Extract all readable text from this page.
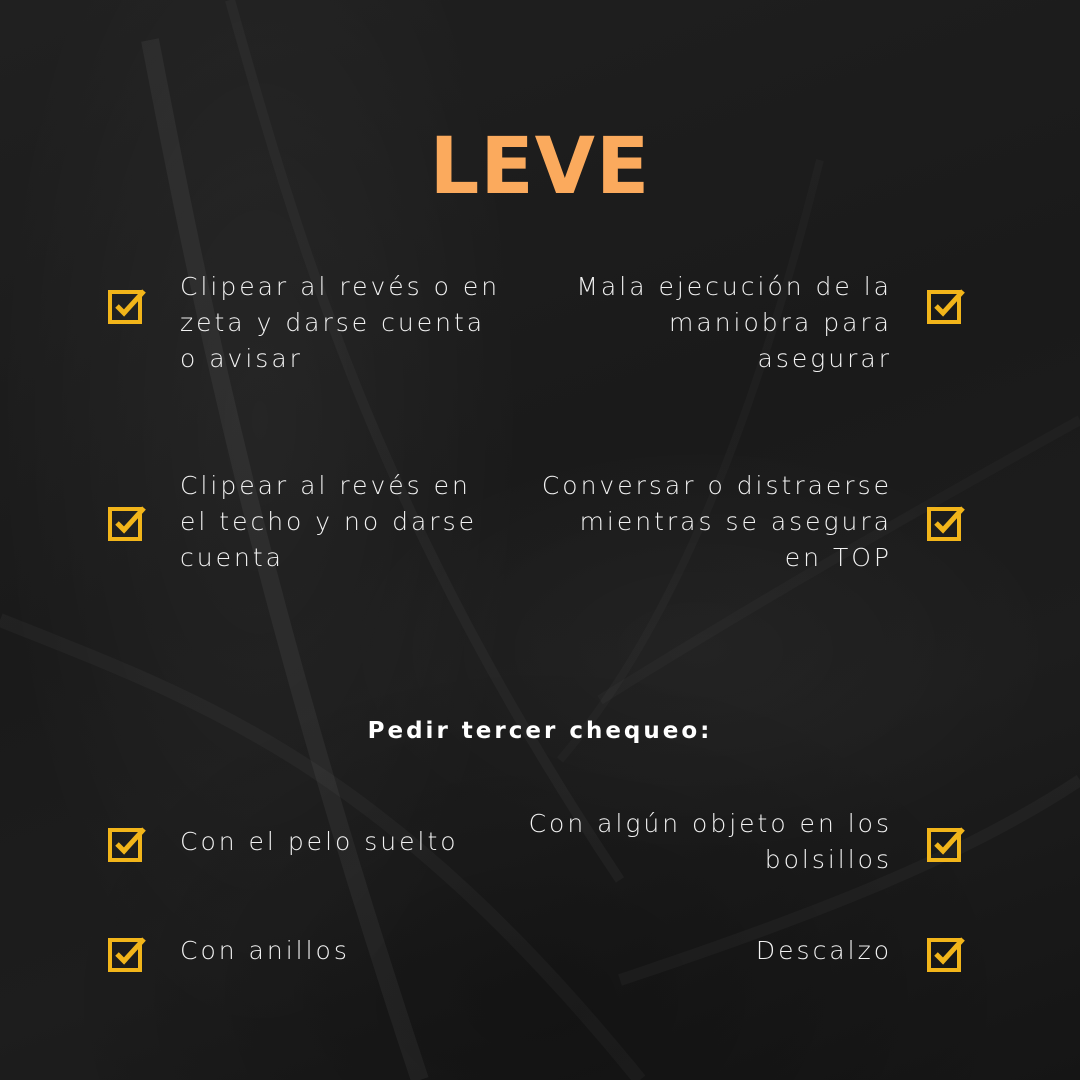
LEVE

Clipear al revés o en zeta y darse cuenta o avisar

Mala ejecución de la maniobra para asegurar

Clipear al revés en el techo y no darse cuenta

Conversar o distraerse mientras se asegura en TOP

Pedir tercer chequeo:

Con el pelo suelto

Con algún objeto en los bolsillos

Con anillos	Descalzo
